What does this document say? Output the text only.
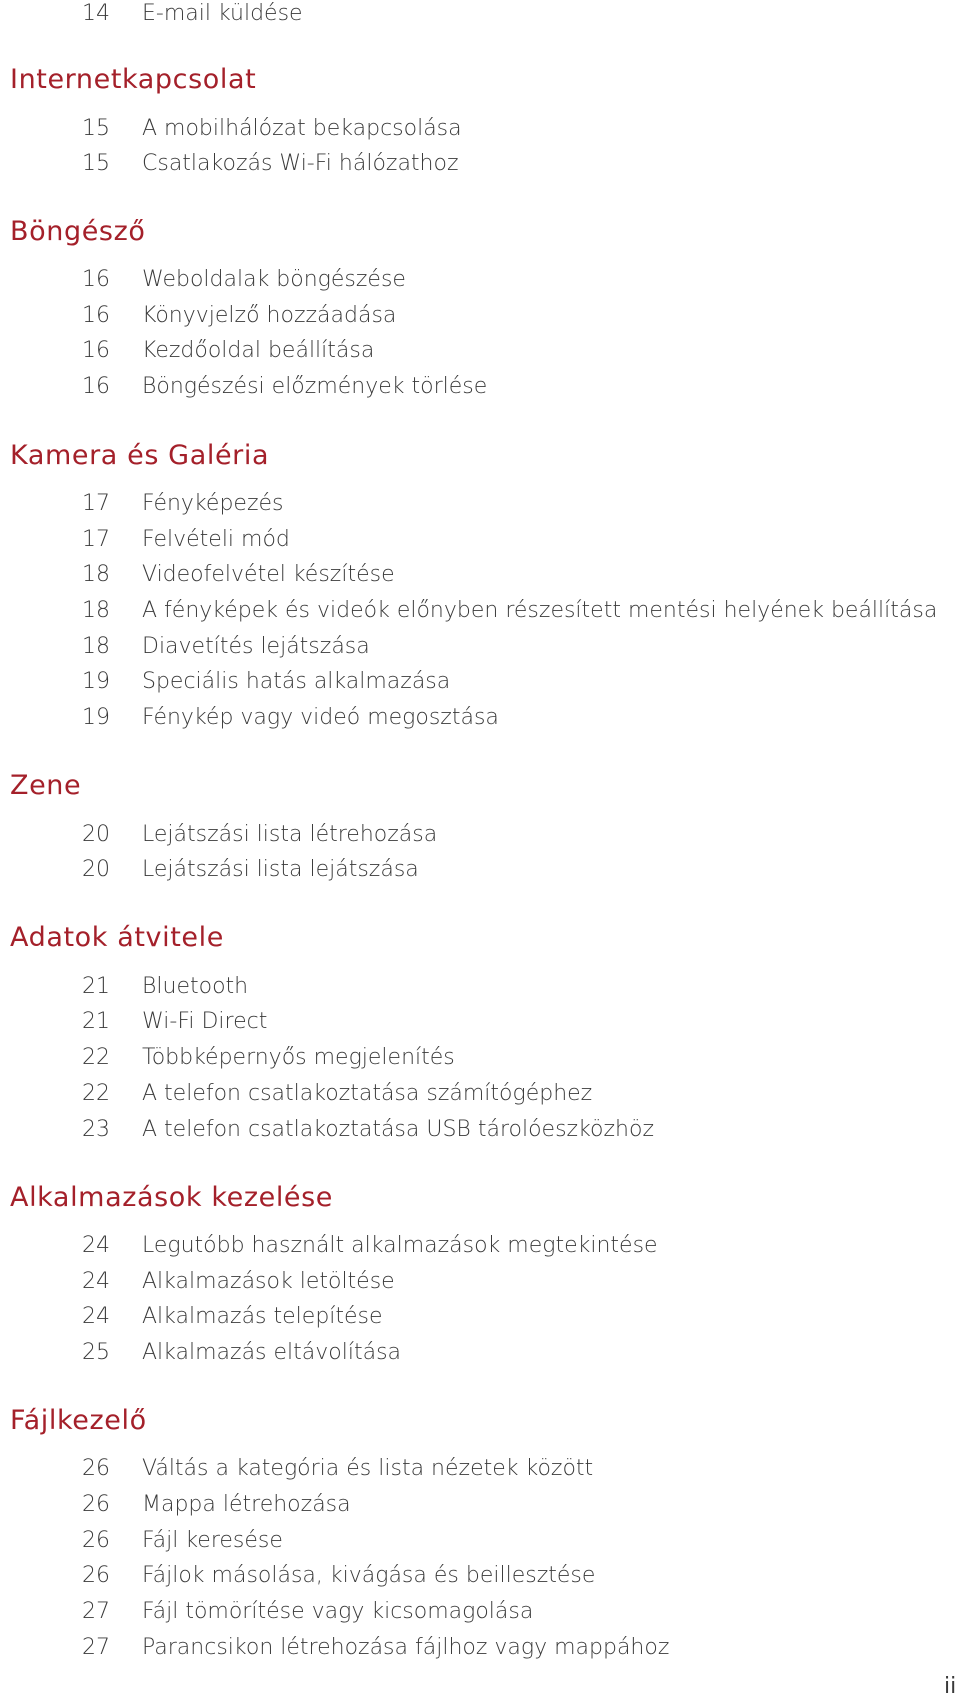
14	E-mail küldése
Internetkapcsolat
15	A mobilhálózat bekapcsolása
15	Csatlakozás Wi-Fi hálózathoz
Böngésző
16	Weboldalak böngészése
16	Könyvjelző hozzáadása
16	Kezdőoldal beállítása
16	Böngészési előzmények törlése
Kamera és Galéria
17	Fényképezés
17	Felvételi mód
18	Videofelvétel készítése
18	A fényképek és videók előnyben részesített mentési helyének beállítása
18	Diavetítés lejátszása
19	Speciális hatás alkalmazása
19	Fénykép vagy videó megosztása
Zene
20	Lejátszási lista létrehozása
20	Lejátszási lista lejátszása
Adatok átvitele
21	Bluetooth
21	Wi-Fi Direct
22	Többképernyős megjelenítés
22	A telefon csatlakoztatása számítógéphez
23	A telefon csatlakoztatása USB tárolóeszközhöz
Alkalmazások kezelése
24	Legutóbb használt alkalmazások megtekintése
24	Alkalmazások letöltése
24	Alkalmazás telepítése
25	Alkalmazás eltávolítása
Fájlkezelő
26	Váltás a kategória és lista nézetek között
26	Mappa létrehozása
26	Fájl keresése
26	Fájlok másolása, kivágása és beillesztése
27	Fájl tömörítése vagy kicsomagolása
27	Parancsikon létrehozása fájlhoz vagy mappához
ii
